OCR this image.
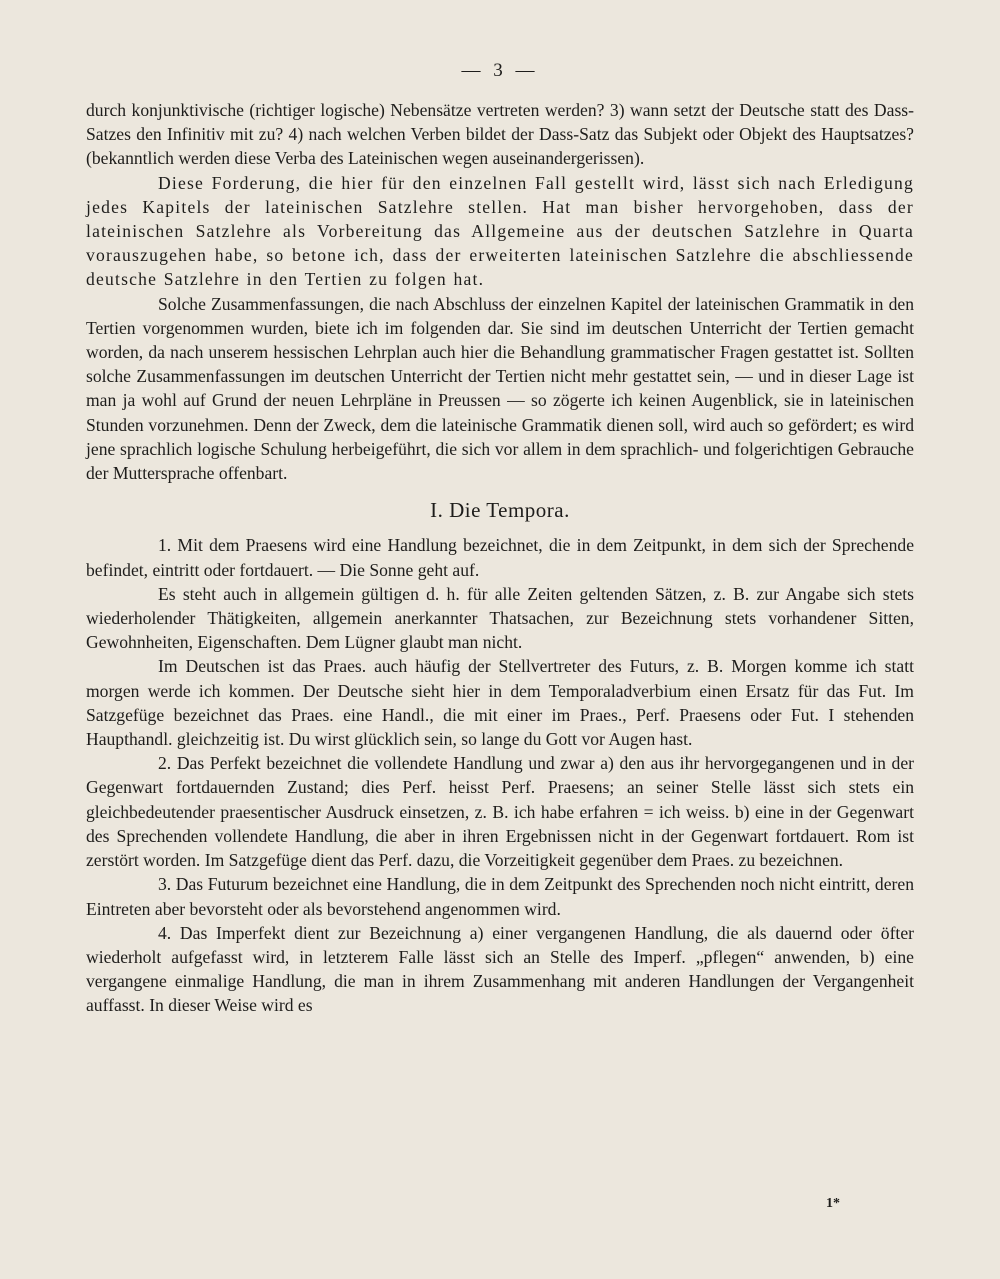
— 3 —

durch konjunktivische (richtiger logische) Nebensätze vertreten werden? 3) wann setzt der Deutsche statt des Dass-Satzes den Infinitiv mit zu? 4) nach welchen Verben bildet der Dass-Satz das Subjekt oder Objekt des Hauptsatzes? (bekanntlich werden diese Verba des Lateinischen wegen auseinandergerissen).

Diese Forderung, die hier für den einzelnen Fall gestellt wird, lässt sich nach Erledigung jedes Kapitels der lateinischen Satzlehre stellen. Hat man bisher hervorgehoben, dass der lateinischen Satzlehre als Vorbereitung das Allgemeine aus der deutschen Satzlehre in Quarta vorauszugehen habe, so betone ich, dass der erweiterten lateinischen Satzlehre die abschliessende deutsche Satzlehre in den Tertien zu folgen hat.

Solche Zusammenfassungen, die nach Abschluss der einzelnen Kapitel der lateinischen Grammatik in den Tertien vorgenommen wurden, biete ich im folgenden dar. Sie sind im deutschen Unterricht der Tertien gemacht worden, da nach unserem hessischen Lehrplan auch hier die Behandlung grammatischer Fragen gestattet ist. Sollten solche Zusammenfassungen im deutschen Unterricht der Tertien nicht mehr gestattet sein, — und in dieser Lage ist man ja wohl auf Grund der neuen Lehrpläne in Preussen — so zögerte ich keinen Augenblick, sie in lateinischen Stunden vorzunehmen. Denn der Zweck, dem die lateinische Grammatik dienen soll, wird auch so gefördert; es wird jene sprachlich logische Schulung herbeigeführt, die sich vor allem in dem sprachlich- und folgerichtigen Gebrauche der Muttersprache offenbart.

I. Die Tempora.

1. Mit dem Praesens wird eine Handlung bezeichnet, die in dem Zeitpunkt, in dem sich der Sprechende befindet, eintritt oder fortdauert. — Die Sonne geht auf.

Es steht auch in allgemein gültigen d. h. für alle Zeiten geltenden Sätzen, z. B. zur Angabe sich stets wiederholender Thätigkeiten, allgemein anerkannter Thatsachen, zur Bezeichnung stets vorhandener Sitten, Gewohnheiten, Eigenschaften. Dem Lügner glaubt man nicht.

Im Deutschen ist das Praes. auch häufig der Stellvertreter des Futurs, z. B. Morgen komme ich statt morgen werde ich kommen. Der Deutsche sieht hier in dem Temporaladverbium einen Ersatz für das Fut. Im Satzgefüge bezeichnet das Praes. eine Handl., die mit einer im Praes., Perf. Praesens oder Fut. I stehenden Haupthandl. gleichzeitig ist. Du wirst glücklich sein, so lange du Gott vor Augen hast.

2. Das Perfekt bezeichnet die vollendete Handlung und zwar a) den aus ihr hervorgegangenen und in der Gegenwart fortdauernden Zustand; dies Perf. heisst Perf. Praesens; an seiner Stelle lässt sich stets ein gleichbedeutender praesentischer Ausdruck einsetzen, z. B. ich habe erfahren = ich weiss. b) eine in der Gegenwart des Sprechenden vollendete Handlung, die aber in ihren Ergebnissen nicht in der Gegenwart fortdauert. Rom ist zerstört worden. Im Satzgefüge dient das Perf. dazu, die Vorzeitigkeit gegenüber dem Praes. zu bezeichnen.

3. Das Futurum bezeichnet eine Handlung, die in dem Zeitpunkt des Sprechenden noch nicht eintritt, deren Eintreten aber bevorsteht oder als bevorstehend angenommen wird.

4. Das Imperfekt dient zur Bezeichnung a) einer vergangenen Handlung, die als dauernd oder öfter wiederholt aufgefasst wird, in letzterem Falle lässt sich an Stelle des Imperf. „pflegen“ anwenden, b) eine vergangene einmalige Handlung, die man in ihrem Zusammenhang mit anderen Handlungen der Vergangenheit auffasst. In dieser Weise wird es

1*
